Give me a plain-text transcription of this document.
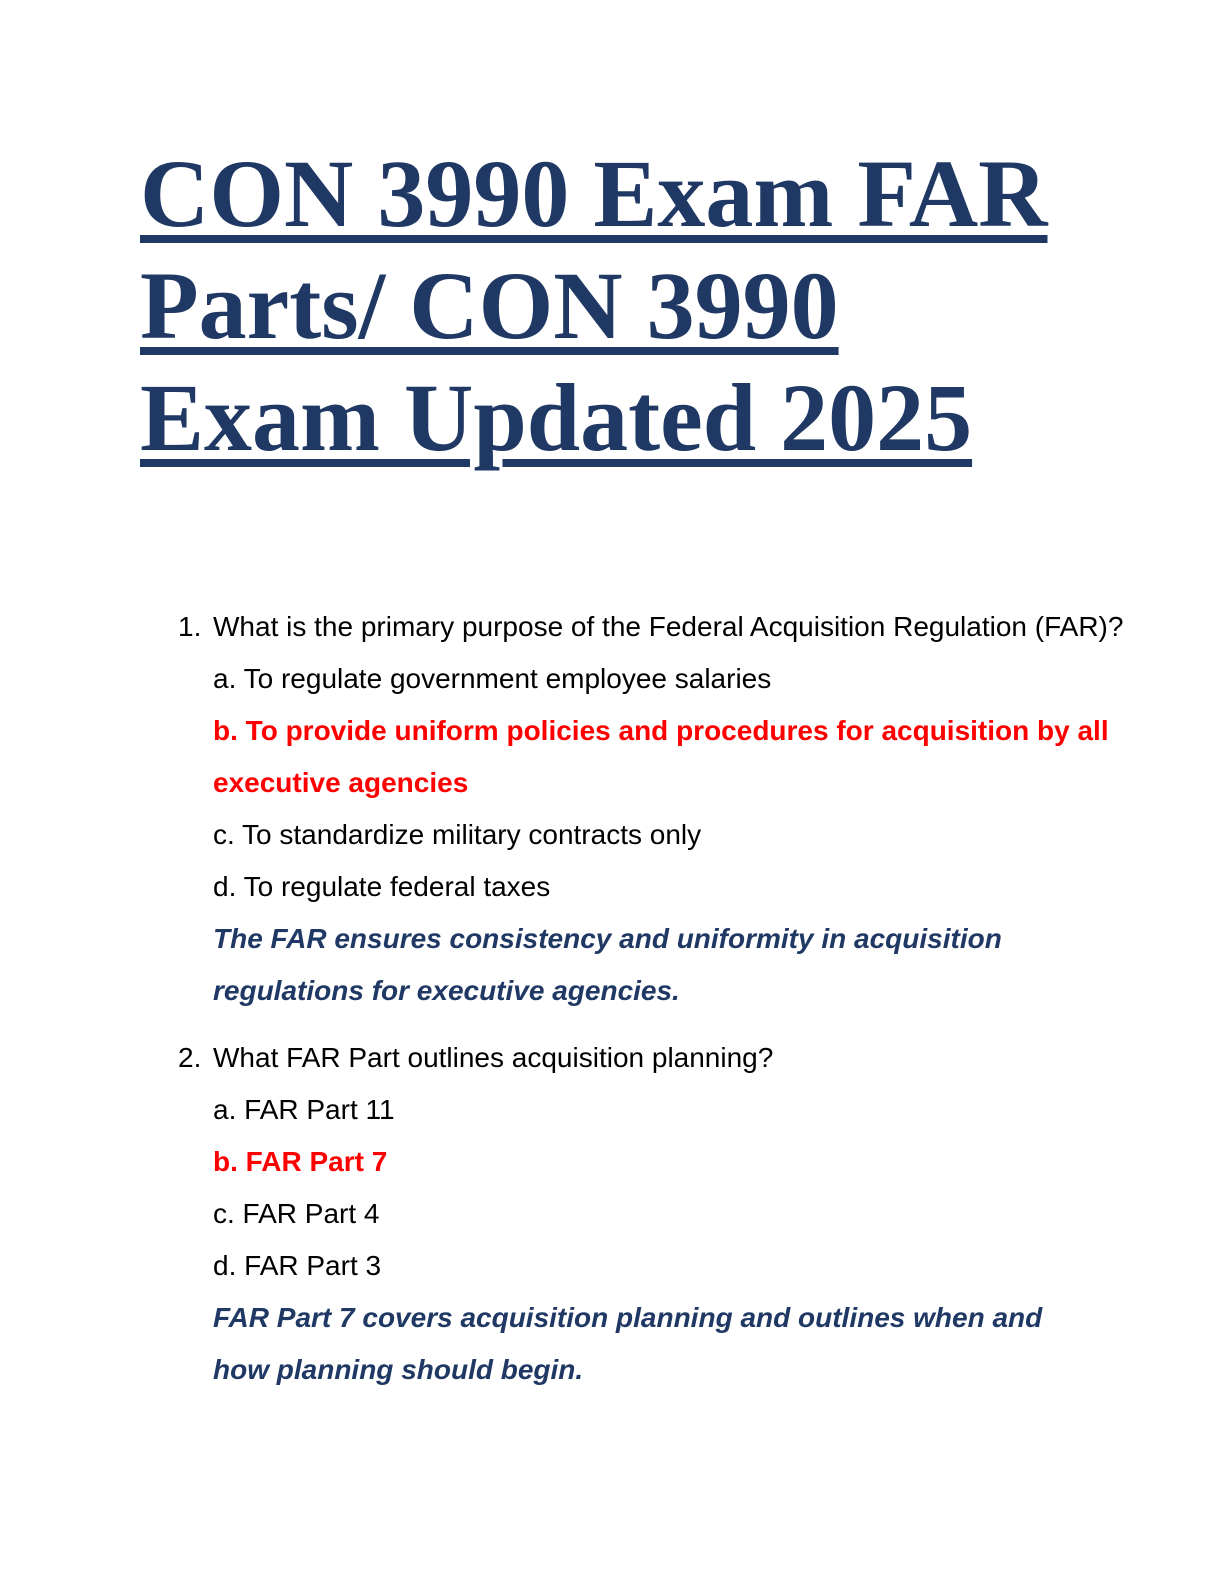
CON 3990 Exam FAR
Parts/ CON 3990
Exam Updated 2025
1. What is the primary purpose of the Federal Acquisition Regulation (FAR)?
a. To regulate government employee salaries
b. To provide uniform policies and procedures for acquisition by all
executive agencies
c. To standardize military contracts only
d. To regulate federal taxes
The FAR ensures consistency and uniformity in acquisition
regulations for executive agencies.
2. What FAR Part outlines acquisition planning?
a. FAR Part 11
b. FAR Part 7
c. FAR Part 4
d. FAR Part 3
FAR Part 7 covers acquisition planning and outlines when and
how planning should begin.
